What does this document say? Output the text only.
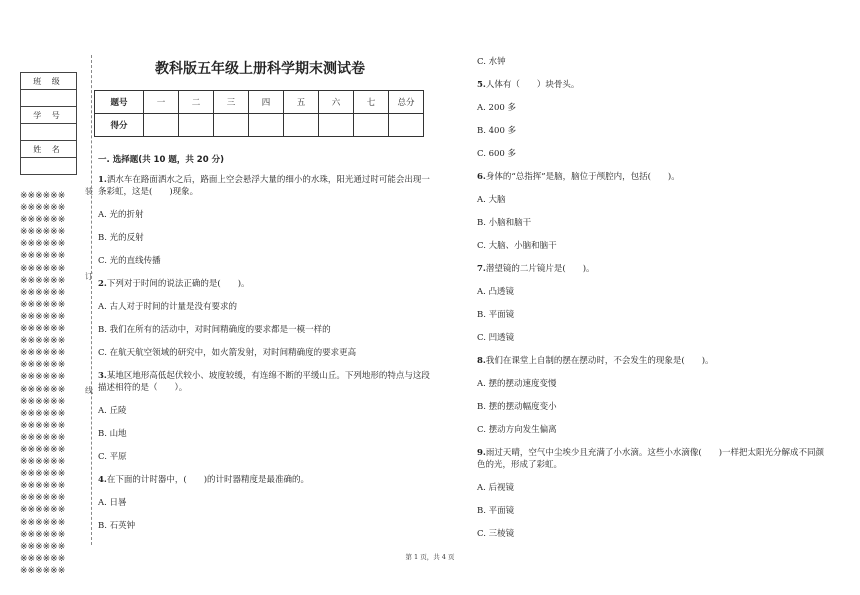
班 级

学 号

姓 名

※※※※※※
※※※※※※
※※※※※※
※※※※※※
※※※※※※
※※※※※※
※※※※※※
※※※※※※
※※※※※※
※※※※※※
※※※※※※
※※※※※※
※※※※※※
※※※※※※
※※※※※※
※※※※※※
※※※※※※
※※※※※※
※※※※※※
※※※※※※
※※※※※※
※※※※※※
※※※※※※
※※※※※※
※※※※※※
※※※※※※
※※※※※※
※※※※※※
※※※※※※
※※※※※※
※※※※※※
※※※※※※
装
订
线
教科版五年级上册科学期末测试卷
题号	一	二	三	四	五	六	七	总分
得分								
一. 选择题(共 10 题，共 20 分)
1.洒水车在路面洒水之后，路面上空会悬浮大量的细小的水珠，阳光通过时可能会出现一条彩虹，这是(　　)现象。
A. 光的折射
B. 光的反射
C. 光的直线传播
2.下列对于时间的说法正确的是(　　)。
A. 古人对于时间的计量是没有要求的
B. 我们在所有的活动中，对时间精确度的要求都是一模一样的
C. 在航天航空领域的研究中，如火箭发射，对时间精确度的要求更高
3.某地区地形高低起伏较小、坡度较缓，有连绵不断的平缓山丘。下列地形的特点与这段描述相符的是（　　）。
A. 丘陵
B. 山地
C. 平原
4.在下面的计时器中，(　　)的计时器精度是最准确的。
A. 日晷
B. 石英钟
C. 水钟
5.人体有（　　）块骨头。
A. 200 多
B. 400 多
C. 600 多
6.身体的“总指挥”是脑，脑位于颅腔内，包括(　　)。
A. 大脑
B. 小脑和脑干
C. 大脑、小脑和脑干
7.潜望镜的二片镜片是(　　)。
A. 凸透镜
B. 平面镜
C. 凹透镜
8.我们在课堂上自制的摆在摆动时，不会发生的现象是(　　)。
A. 摆的摆动速度变慢
B. 摆的摆动幅度变小
C. 摆动方向发生偏离
9.雨过天晴，空气中尘埃少且充满了小水滴。这些小水滴像(　　)一样把太阳光分解成不同颜色的光，形成了彩虹。
A. 后视镜
B. 平面镜
C. 三棱镜
第 1 页，共 4 页
